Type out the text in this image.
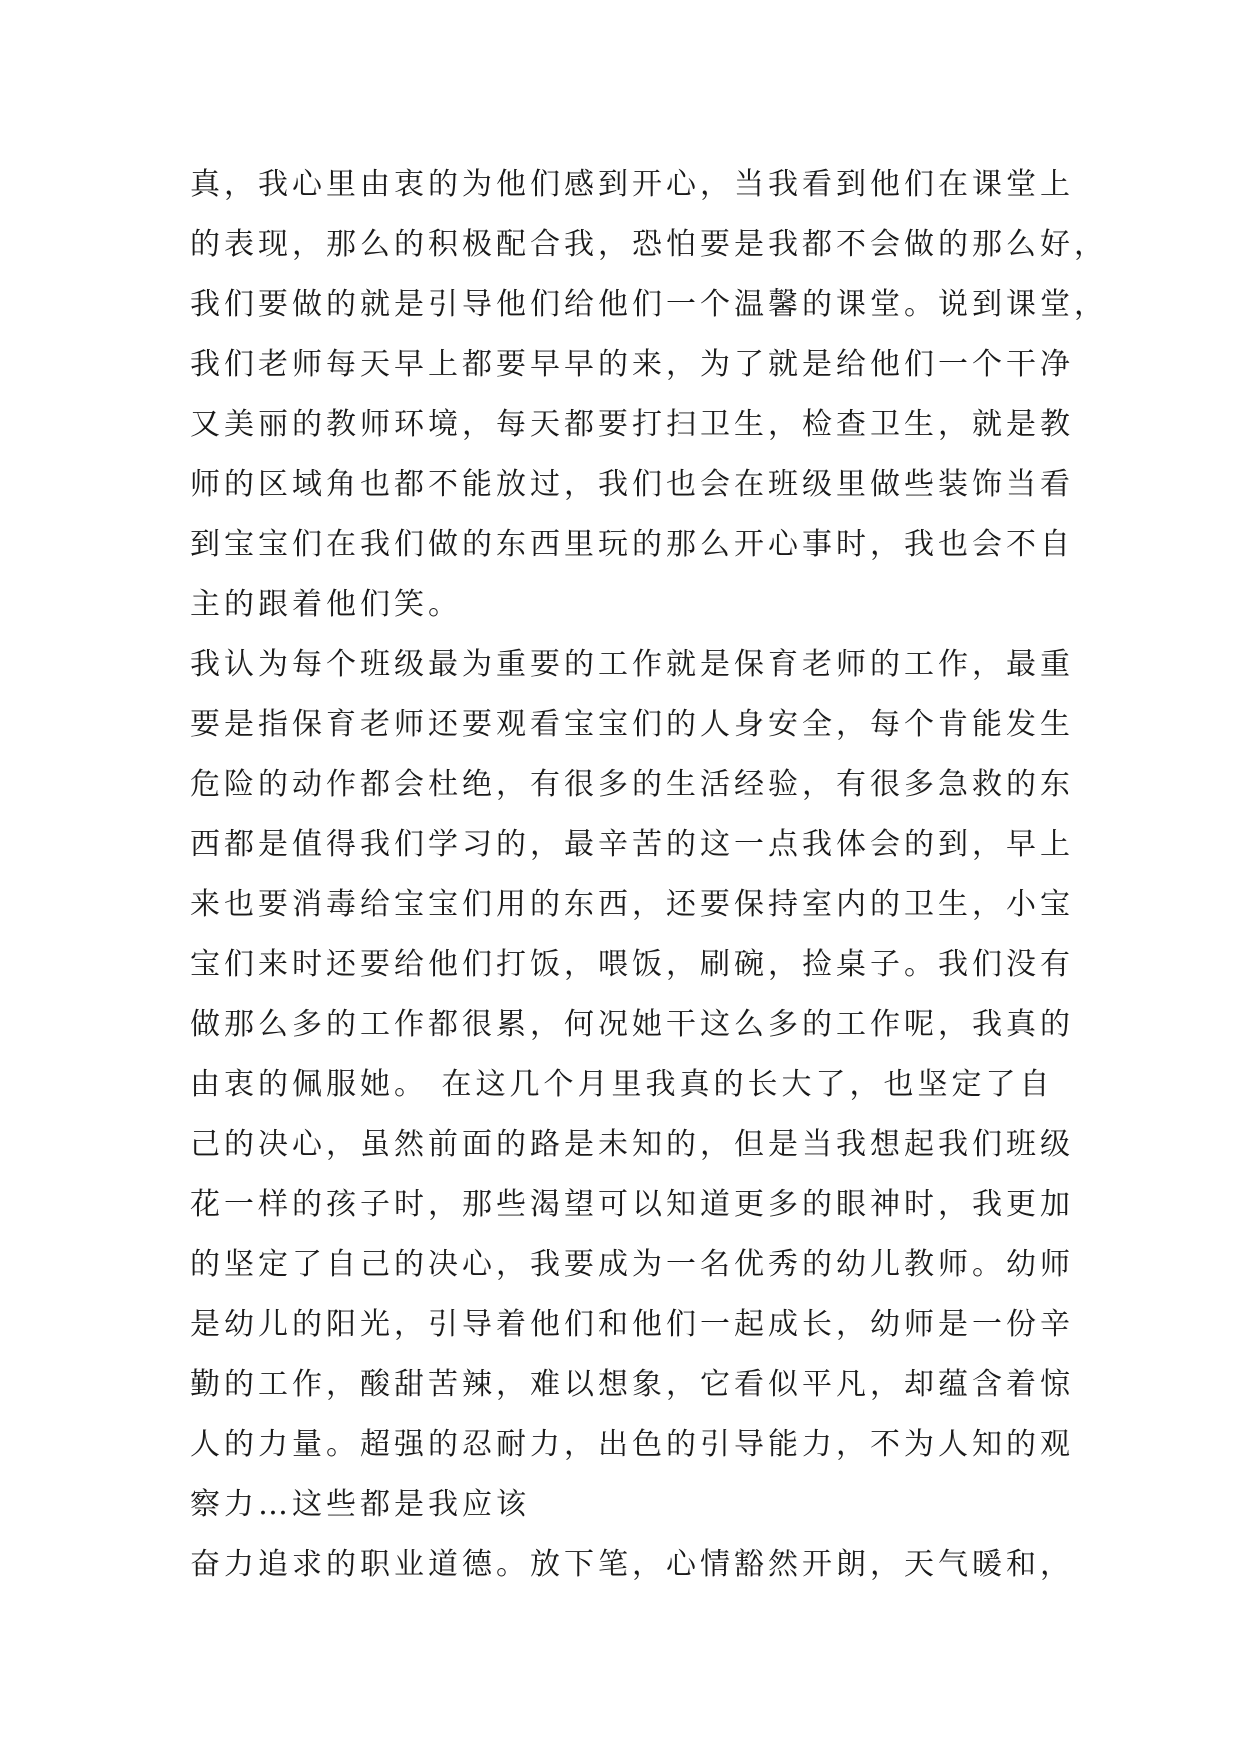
真，我心里由衷的为他们感到开心，当我看到他们在课堂上

的表现，那么的积极配合我，恐怕要是我都不会做的那么好，

我们要做的就是引导他们给他们一个温馨的课堂。说到课堂，

我们老师每天早上都要早早的来，为了就是给他们一个干净

又美丽的教师环境，每天都要打扫卫生，检查卫生，就是教

师的区域角也都不能放过，我们也会在班级里做些装饰当看

到宝宝们在我们做的东西里玩的那么开心事时，我也会不自

主的跟着他们笑。

我认为每个班级最为重要的工作就是保育老师的工作，最重

要是指保育老师还要观看宝宝们的人身安全，每个肯能发生

危险的动作都会杜绝，有很多的生活经验，有很多急救的东

西都是值得我们学习的，最辛苦的这一点我体会的到，早上

来也要消毒给宝宝们用的东西，还要保持室内的卫生，小宝

宝们来时还要给他们打饭，喂饭，刷碗，捡桌子。我们没有

做那么多的工作都很累，何况她干这么多的工作呢，我真的

由衷的佩服她。 在这几个月里我真的长大了，也坚定了自

己的决心，虽然前面的路是未知的，但是当我想起我们班级

花一样的孩子时，那些渴望可以知道更多的眼神时，我更加

的坚定了自己的决心，我要成为一名优秀的幼儿教师。幼师

是幼儿的阳光，引导着他们和他们一起成长，幼师是一份辛

勤的工作，酸甜苦辣，难以想象，它看似平凡，却蕴含着惊

人的力量。超强的忍耐力，出色的引导能力，不为人知的观

察力…这些都是我应该

奋力追求的职业道德。放下笔，心情豁然开朗，天气暖和，
